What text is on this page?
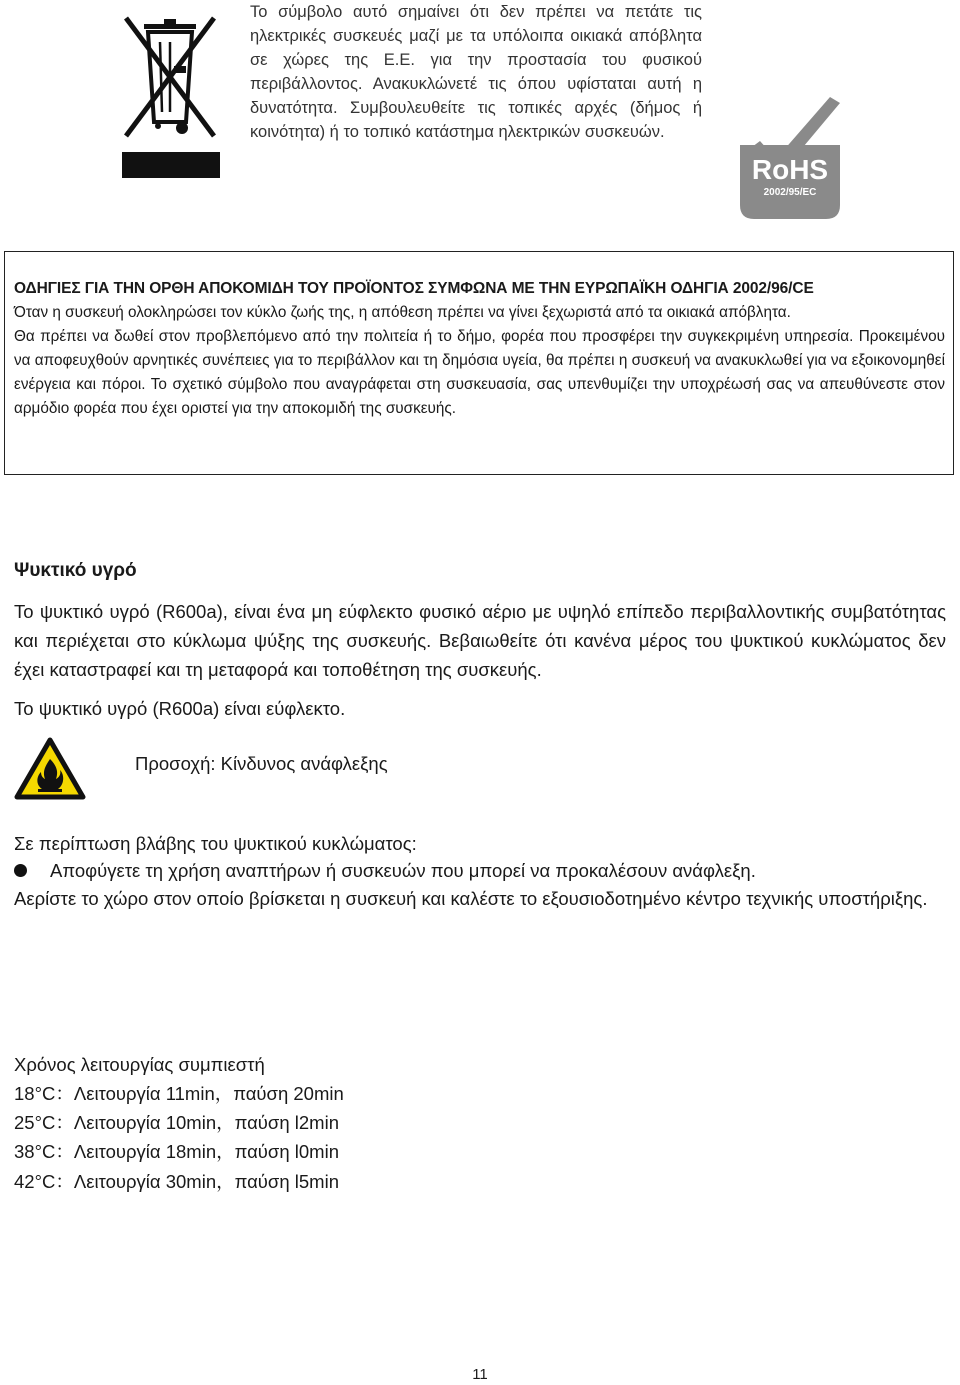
Το σύμβολο αυτό σημαίνει ότι δεν πρέπει να πετάτε τις ηλεκτρικές συσκευές μαζί με τα υπόλοιπα οικιακά απόβλητα σε χώρες της Ε.Ε. για την προστασία του φυσικού περιβάλλοντος. Ανακυκλώνετέ τις όπου υφίσταται αυτή η δυνατότητα. Συμβουλευθείτε τις τοπικές αρχές (δήμος ή κοινότητα) ή το τοπικό κατάστημα ηλεκτρικών συσκευών.

RoHS
2002/95/EC

ΟΔΗΓΙΕΣ ΓΙΑ ΤΗΝ ΟΡΘΗ ΑΠΟΚΟΜΙΔΗ ΤΟΥ ΠΡΟΪΟΝΤΟΣ ΣΥΜΦΩΝΑ ΜΕ ΤΗΝ ΕΥΡΩΠΑΪΚΗ ΟΔΗΓΙΑ 2002/96/CE

Όταν η συσκευή ολοκληρώσει τον κύκλο ζωής της, η απόθεση πρέπει να γίνει ξεχωριστά από τα οικιακά απόβλητα.

Θα πρέπει να δωθεί στον προβλεπόμενο από την πολιτεία ή το δήμο, φορέα που προσφέρει την συγκεκριμένη υπηρεσία. Προκειμένου να αποφευχθούν αρνητικές συνέπειες για το περιβάλλον και τη δημόσια υγεία, θα πρέπει η συσκευή να ανακυκλωθεί για να εξοικονομηθεί ενέργεια και πόροι. Το σχετικό σύμβολο που αναγράφεται στη συσκευασία, σας υπενθυμίζει την υποχρέωσή σας να απευθύνεστε στον αρμόδιο φορέα που έχει οριστεί για την αποκομιδή της συσκευής.

Ψυκτικό υγρό

Το ψυκτικό υγρό (R600a), είναι ένα μη εύφλεκτο φυσικό αέριο με υψηλό επίπεδο περιβαλλοντικής συμβατότητας και περιέχεται στο κύκλωμα ψύξης της συσκευής. Βεβαιωθείτε ότι κανένα μέρος του ψυκτικού κυκλώματος δεν έχει καταστραφεί και τη μεταφορά και τοποθέτηση της συσκευής.

Το ψυκτικό υγρό (R600a) είναι εύφλεκτο.

Προσοχή: Κίνδυνος ανάφλεξης

Σε περίπτωση βλάβης του ψυκτικού κυκλώματος:

Αποφύγετε τη χρήση αναπτήρων ή συσκευών που μπορεί να προκαλέσουν ανάφλεξη.

Αερίστε το χώρο στον οποίο βρίσκεται η συσκευή και καλέστε το εξουσιοδοτημένο κέντρο τεχνικής υποστήριξης.

Χρόνος λειτουργίας συμπιεστή

18°C：Λειτουργία 11min，παύση 20min

25°C：Λειτουργία 10min，παύση l2min

38°C：Λειτουργία 18min，παύση l0min

42°C：Λειτουργία 30min，παύση l5min

11
